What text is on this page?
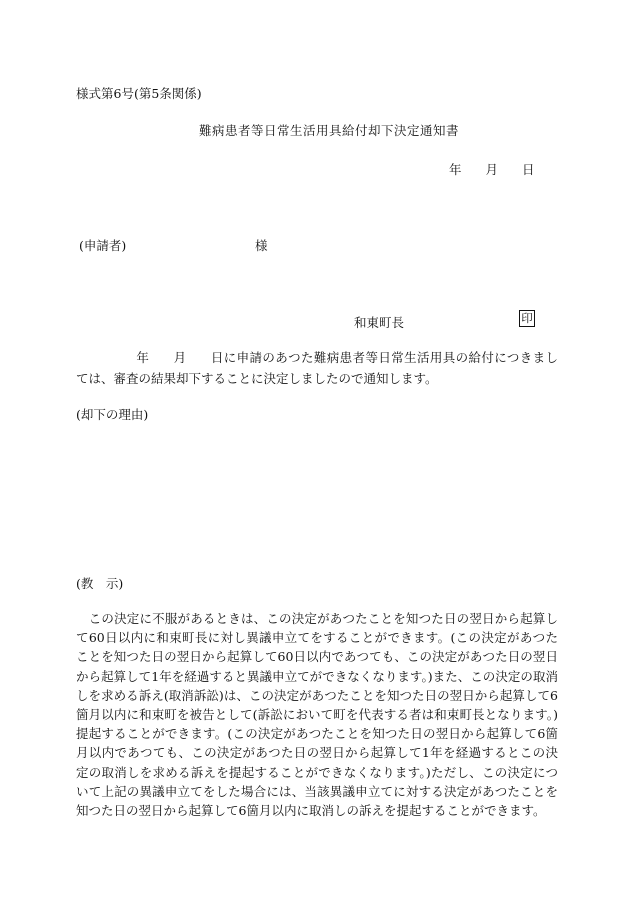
様式第6号(第5条関係)
難病患者等日常生活用具給付却下決定通知書
年 月 日
(申請者)	様
和東町長	印
年 月 日に申請のあつた難病患者等日常生活用具の給付につきましては、審査の結果却下することに決定しましたので通知します。
(却下の理由)
(教　示)
　この決定に不服があるときは、この決定があつたことを知つた日の翌日から起算して60日以内に和束町長に対し異議申立てをすることができます。(この決定があつたことを知つた日の翌日から起算して60日以内であつても、この決定があつた日の翌日から起算して1年を経過すると異議申立てができなくなります。)また、この決定の取消しを求める訴え(取消訴訟)は、この決定があつたことを知つた日の翌日から起算して6箇月以内に和束町を被告として(訴訟において町を代表する者は和束町長となります。)提起することができます。(この決定があつたことを知つた日の翌日から起算して6箇月以内であつても、この決定があつた日の翌日から起算して1年を経過するとこの決定の取消しを求める訴えを提起することができなくなります。)ただし、この決定について上記の異議申立てをした場合には、当該異議申立てに対する決定があつたことを知つた日の翌日から起算して6箇月以内に取消しの訴えを提起することができます。
